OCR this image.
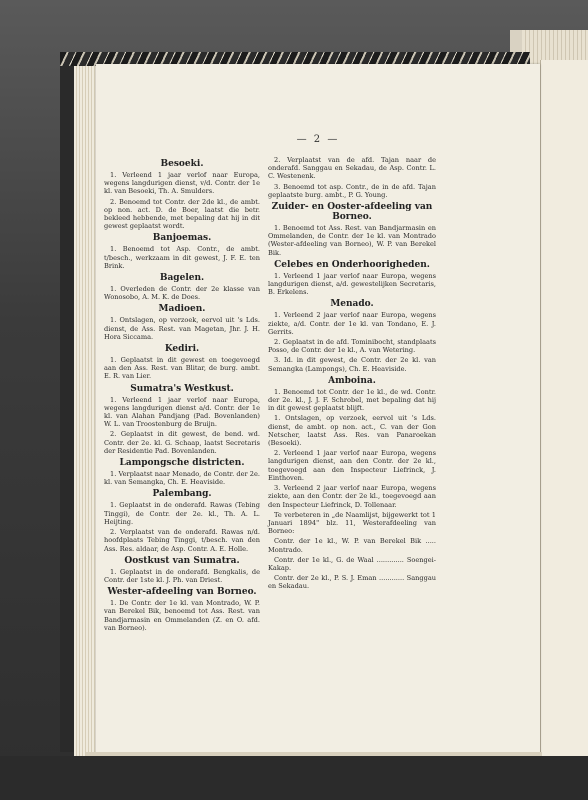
— 2 —
Besoeki.

1. Verleend 1 jaar verlof naar Europa, wegens langdurigen dienst, v/d. Contr. der 1e kl. van Besoeki, Th. A. Smulders.

2. Benoemd tot Contr. der 2de kl., de ambt. op non. act. D. de Boer, laatst die betr. bekleed hebbende, met bepaling dat hij in dit gewest geplaatst wordt.

Banjoemas.

1. Benoemd tot Asp. Contr., de ambt. t/besch., werkzaam in dit gewest, J. F. E. ten Brink.

Bagelen.

1. Overleden de Contr. der 2e klasse van Wonosobo, A. M. K. de Does.

Madioen.

1. Ontslagen, op verzoek, eervol uit 's Lds. dienst, de Ass. Rest. van Magetan, Jhr. J. H. Hora Siccama.

Kediri.

1. Geplaatst in dit gewest en toegevoegd aan den Ass. Rest. van Blitar, de burg. ambt. E. R. van Lier.

Sumatra's Westkust.

1. Verleend 1 jaar verlof naar Europa, wegens langdurigen dienst a/d. Contr. der 1e kl. van Alahan Pandjang (Pad. Bovenlanden) W. L. van Troostenburg de Bruijn.

2. Geplaatst in dit gewest, de bend. wd. Contr. der 2e. kl. G. Schaap, laatst Secretaris der Residentie Pad. Bovenlanden.

Lampongsche districten.

1. Verplaatst naar Menado, de Contr. der 2e. kl. van Semangka, Ch. E. Heaviside.

Palembang.

1. Geplaatst in de onderafd. Rawas (Tebing Tinggi), de Contr. der 2e. kl., Th. A. L. Heijting.

2. Verplaatst van de onderafd. Rawas n/d. hoofdplaats Tebing Tinggi, t/besch. van den Ass. Res. aldaar, de Asp. Contr. A. E. Holle.

Oostkust van Sumatra.

1. Geplaatst in de onderafd. Bengkalis, de Contr. der 1ste kl. J. Ph. van Driest.

Wester-afdeeling van Borneo.

1. De Contr. der 1e kl. van Montrado, W. P. van Berekel Bik, benoemd tot Ass. Rest. van Bandjarmasin en Ommelanden (Z. en O. afd. van Borneo).

2. Verplaatst van de afd. Tajan naar de onderafd. Sanggau en Sekadau, de Asp. Contr. L. C. Westenenk.

3. Benoemd tot asp. Contr., de in de afd. Tajan geplaatste burg. ambt., P. G. Young.

Zuider- en Ooster-afdeeling van Borneo.

1. Benoemd tot Ass. Rest. van Bandjarmasin en Ommelanden, de Contr. der 1e kl. van Montrado (Wester-afdeeling van Borneo), W. P. van Berekel Bik.

Celebes en Onderhoorigheden.

1. Verleend 1 jaar verlof naar Europa, wegens langdurigen dienst, a/d. gewestelijken Secretaris, B. Erkelens.

Menado.

1. Verleend 2 jaar verlof naar Europa, wegens ziekte, a/d. Contr. der 1e kl. van Tondano, E. J. Gerrits.

2. Geplaatst in de afd. Tominibocht, standplaats Posso, de Contr. der 1e kl., A. van Wetering.

3. Id. in dit gewest, de Contr. der 2e kl. van Semangka (Lampongs), Ch. E. Heaviside.

Amboina.

1. Benoemd tot Contr. der 1e kl., de wd. Contr. der 2e. kl., J. J. F. Schrobel, met bepaling dat hij in dit gewest geplaatst blijft.

1. Ontslagen, op verzoek, eervol uit 's Lds. dienst, de ambt. op non. act., C. van der Gon Netscher, laatst Ass. Res. van Panaroekan (Besoeki).

2. Verleend 1 jaar verlof naar Europa, wegens langdurigen dienst, aan den Contr. der 2e kl., toegevoegd aan den Inspecteur Liefrinck, J. Einthoven.

3. Verleend 2 jaar verlof naar Europa, wegens ziekte, aan den Contr. der 2e kl., toegevoegd aan den Inspecteur Liefrinck, D. Tollenaar.

Te verbeteren in „de Naamlijst, bijgewerkt tot 1 Januari 1894" blz. 11, Westerafdeeling van Borneo:

Contr. der 1e kl., W. P. van Berekel Bik ..... Montrado.

Contr. der 1e kl., G. de Waal ............. Soengei-Kakap.

Contr. der 2e kl., P. S. J. Eman ............ Sanggau en Sekadau.
